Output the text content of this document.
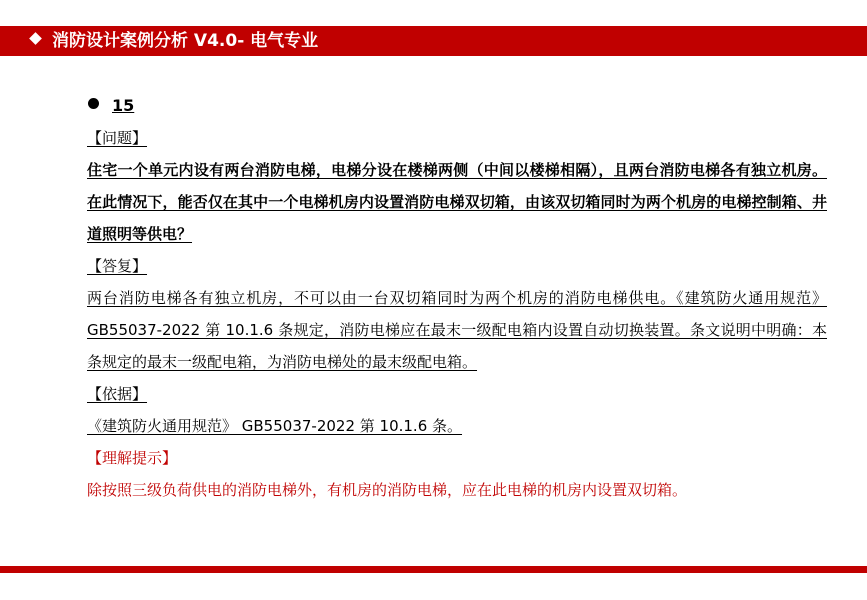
消防设计案例分析 V4.0- 电气专业
15
【问题】
住宅一个单元内设有两台消防电梯，电梯分设在楼梯两侧（中间以楼梯相隔），且两台消防电梯各有独立机房。在此情况下，能否仅在其中一个电梯机房内设置消防电梯双切箱，由该双切箱同时为两个机房的电梯控制箱、井道照明等供电？
【答复】
两台消防电梯各有独立机房，不可以由一台双切箱同时为两个机房的消防电梯供电。《建筑防火通用规范》 GB55037-2022 第 10.1.6 条规定，消防电梯应在最末一级配电箱内设置自动切换装置。条文说明中明确：本条规定的最末一级配电箱，为消防电梯处的最末级配电箱。
【依据】
《建筑防火通用规范》 GB55037-2022 第 10.1.6 条。
【理解提示】
除按照三级负荷供电的消防电梯外，有机房的消防电梯，应在此电梯的机房内设置双切箱。
